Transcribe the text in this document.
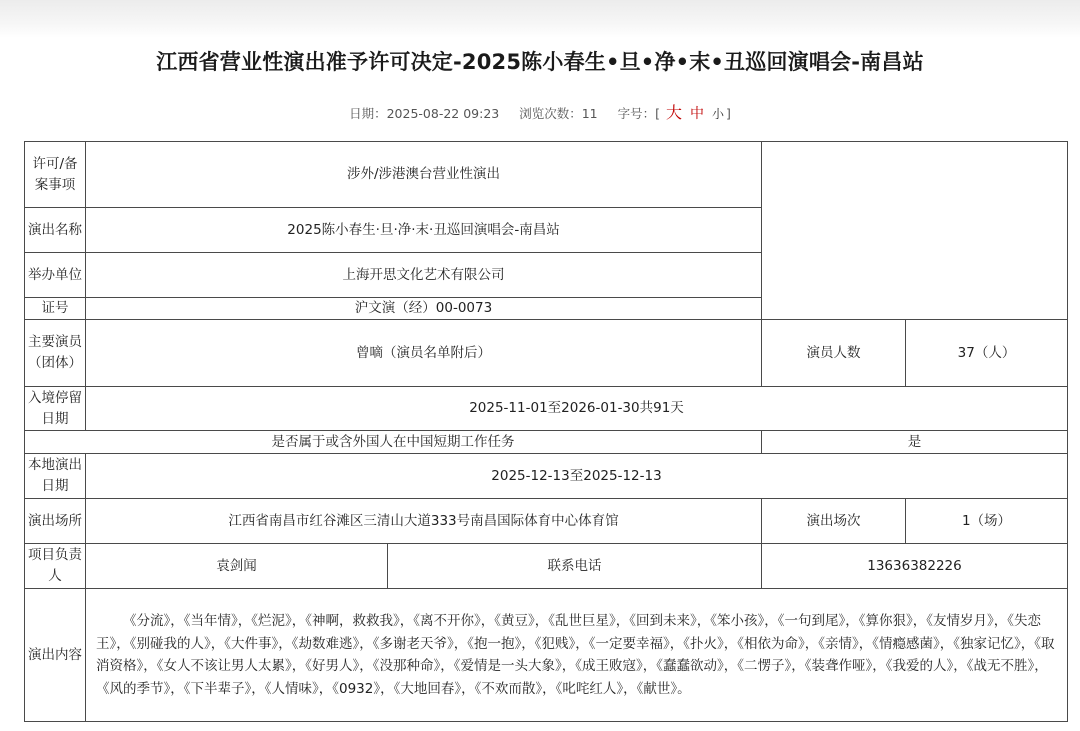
江西省营业性演出准予许可决定-2025陈小春生•旦•净•末•丑巡回演唱会-南昌站
日期：2025-08-22 09:23 浏览次数：11 字号：[ 大 中 小 ]
许可/备案事项	涉外/涉港澳台营业性演出			
演出名称	2025陈小春生·旦·净·末·丑巡回演唱会-南昌站			
举办单位	上海开思文化艺术有限公司			
证号	沪文演（经）00-0073			
主要演员（团体）	曾嘀（演员名单附后）		演员人数	37（人）
入境停留日期	2025-11-01至2026-01-30共91天			
是否属于或含外国人在中国短期工作任务			是	
本地演出日期	2025-12-13至2025-12-13			
演出场所	江西省南昌市红谷滩区三清山大道333号南昌国际体育中心体育馆		演出场次	1（场）
项目负责人	袁剑闻	联系电话	13636382226	
演出内容	《分流》，《当年情》，《烂泥》，《神啊，救救我》，《离不开你》，《黄豆》，《乱世巨星》，《回到未来》，《笨小孩》，《一句到尾》，《算你狠》，《友情岁月》，《失恋王》，《别碰我的人》，《大件事》，《劫数难逃》，《多谢老天爷》，《抱一抱》，《犯贱》，《一定要幸福》，《扑火》，《相依为命》，《亲情》，《情瘾感菌》，《独家记忆》，《取消资格》，《女人不该让男人太累》，《好男人》，《没那种命》，《爱情是一头大象》，《成王败寇》，《蠢蠢欲动》，《二愣子》，《装聋作哑》，《我爱的人》，《战无不胜》，《风的季节》，《下半辈子》，《人情味》，《0932》，《大地回春》，《不欢而散》，《叱咤红人》，《献世》。			
